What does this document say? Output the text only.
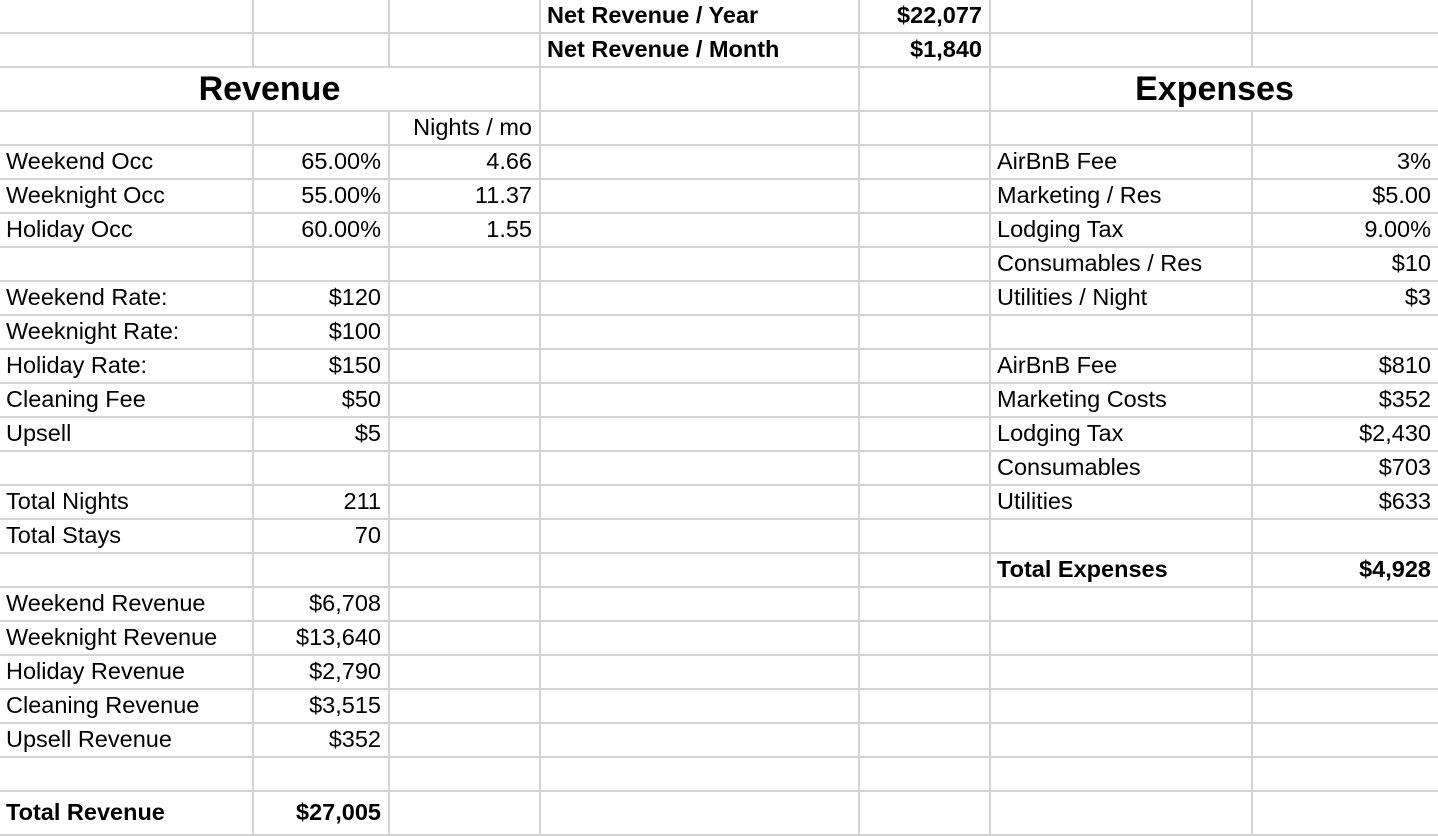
Net Revenue / Year	$22,077
Net Revenue / Month	$1,840
Revenue	Expenses
Nights / mo
Weekend Occ	65.00%	4.66	AirBnB Fee	3%
Weeknight Occ	55.00%	11.37	Marketing / Res	$5.00
Holiday Occ	60.00%	1.55	Lodging Tax	9.00%
Consumables / Res	$10
Weekend Rate:	$120	Utilities / Night	$3
Weeknight Rate:	$100
Holiday Rate:	$150	AirBnB Fee	$810
Cleaning Fee	$50	Marketing Costs	$352
Upsell	$5	Lodging Tax	$2,430
Consumables	$703
Total Nights	211	Utilities	$633
Total Stays	70
Total Expenses	$4,928
Weekend Revenue	$6,708
Weeknight Revenue	$13,640
Holiday Revenue	$2,790
Cleaning Revenue	$3,515
Upsell Revenue	$352
Total Revenue	$27,005
